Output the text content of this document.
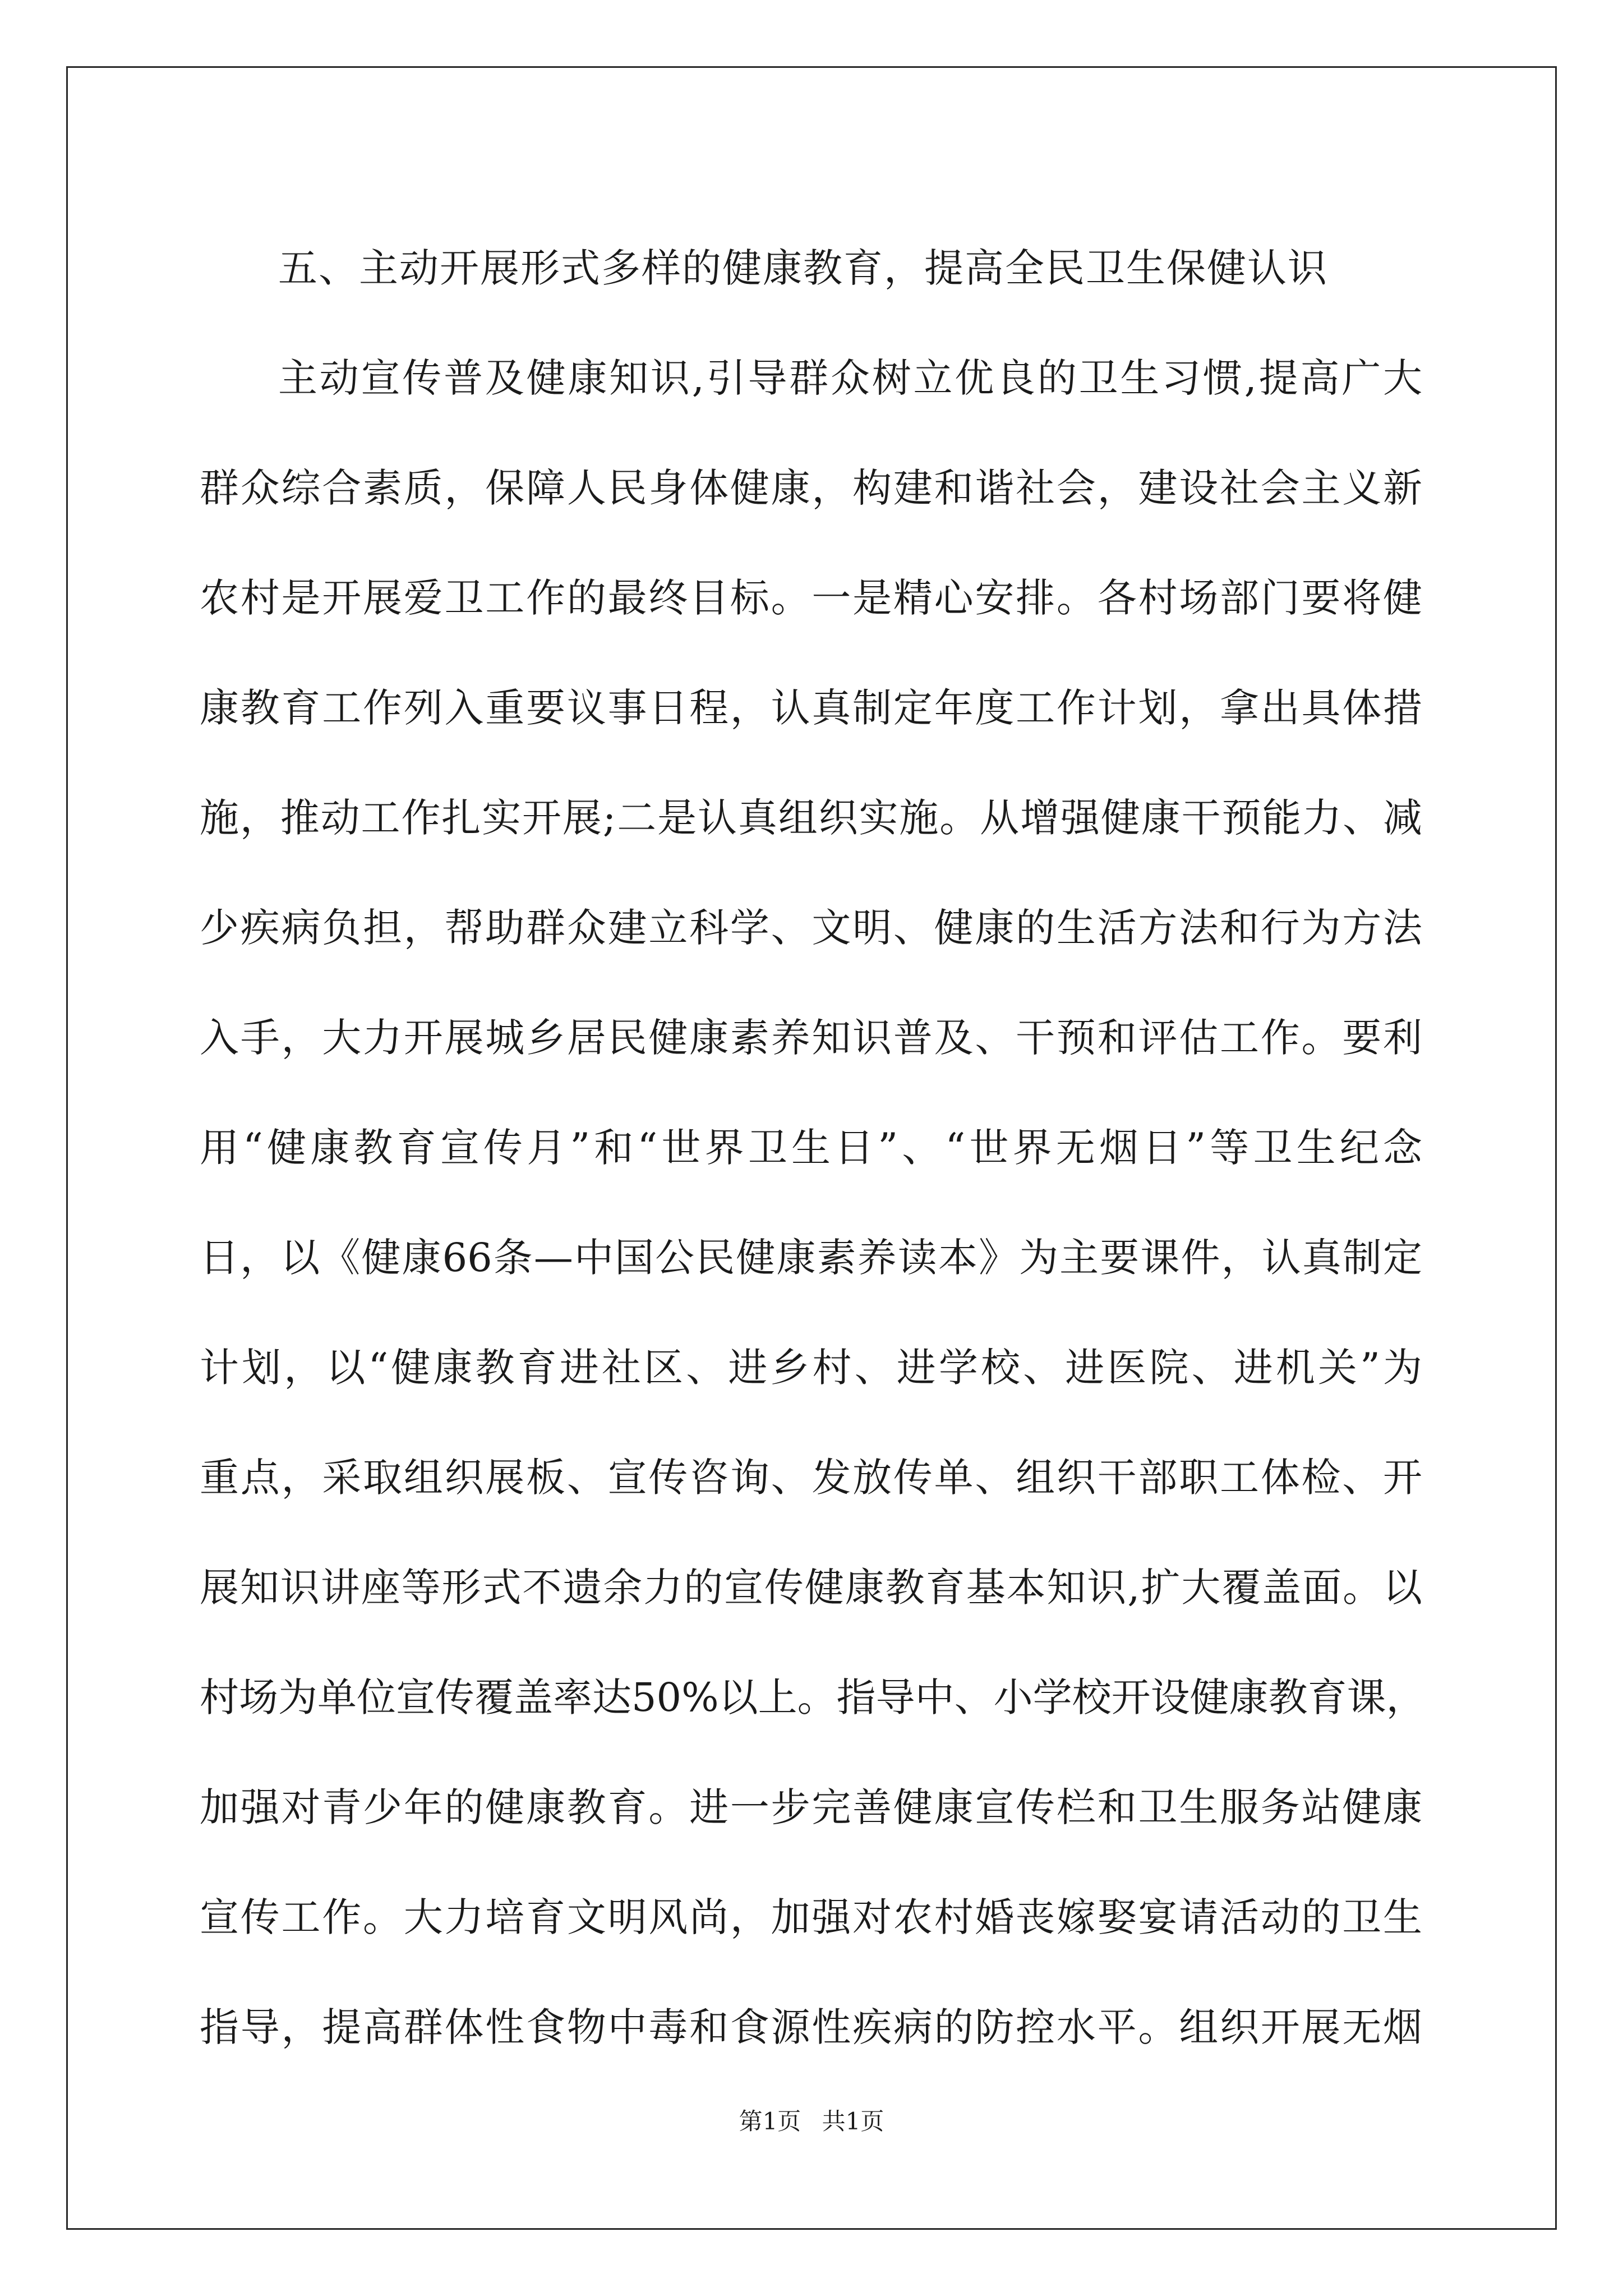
五、主动开展形式多样的健康教育，提高全民卫生保健认识

主动宣传普及健康知识,引导群众树立优良的卫生习惯,提高广大

群众综合素质，保障人民身体健康，构建和谐社会，建设社会主义新

农村是开展爱卫工作的最终目标。一是精心安排。各村场部门要将健

康教育工作列入重要议事日程，认真制定年度工作计划，拿出具体措

施，推动工作扎实开展;二是认真组织实施。从增强健康干预能力、减

少疾病负担，帮助群众建立科学、文明、健康的生活方法和行为方法

入手，大力开展城乡居民健康素养知识普及、干预和评估工作。要利

用“健康教育宣传月”和“世界卫生日”、“世界无烟日”等卫生纪念

日，以《健康66条—中国公民健康素养读本》为主要课件，认真制定

计划，以“健康教育进社区、进乡村、进学校、进医院、进机关”为

重点，采取组织展板、宣传咨询、发放传单、组织干部职工体检、开

展知识讲座等形式不遗余力的宣传健康教育基本知识,扩大覆盖面。以

村场为单位宣传覆盖率达50%以上。指导中、小学校开设健康教育课，

加强对青少年的健康教育。进一步完善健康宣传栏和卫生服务站健康

宣传工作。大力培育文明风尚，加强对农村婚丧嫁娶宴请活动的卫生

指导，提高群体性食物中毒和食源性疾病的防控水平。组织开展无烟

第1页 共1页
